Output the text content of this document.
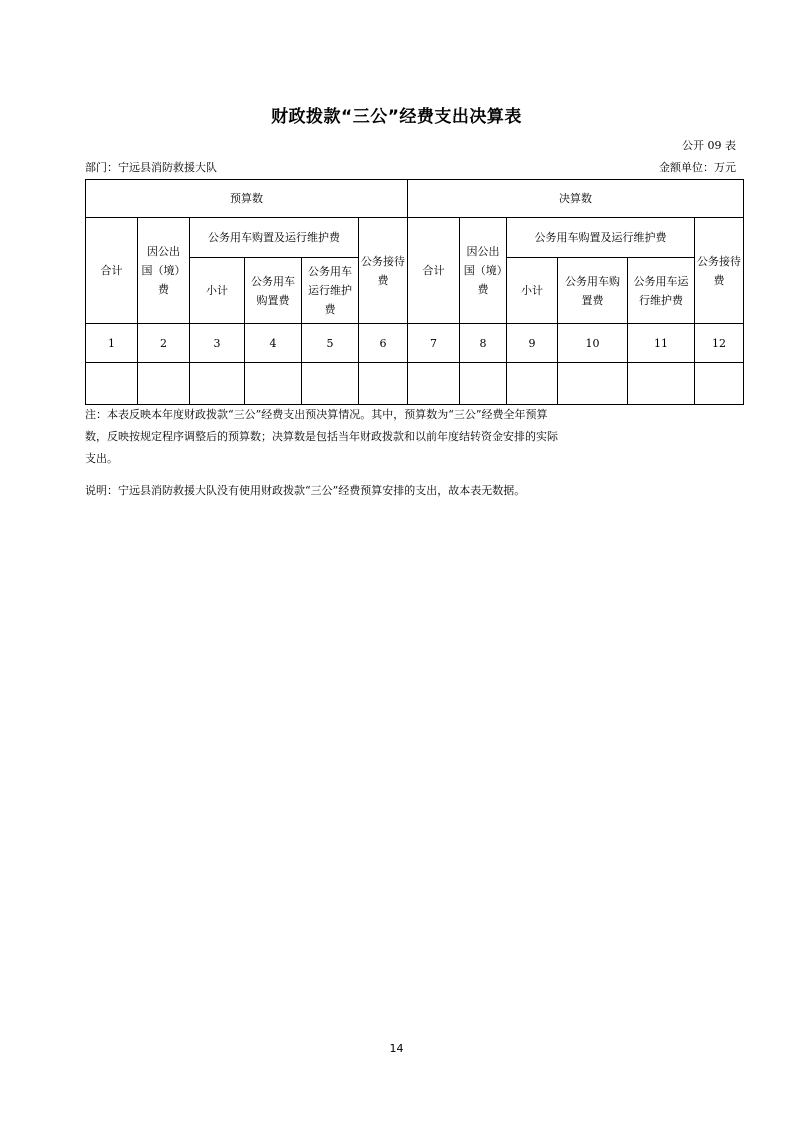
财政拨款“三公”经费支出决算表
公开 09 表
部门：宁远县消防救援大队	金额单位：万元
预算数						决算数					
合计	因公出 国（境）费	公务用车购置及运行维护费			公务接待费	合计	因公出国（境）费	公务用车购置及运行维护费			公务接待费
		小计	公务用车购置费	公务用车运行维护费				小计	公务用车购置费	公务用车运行维护费	
1	2	3	4	5	6	7	8	9	10	11	12

注：本表反映本年度财政拨款“三公”经费支出预决算情况。其中，预算数为“三公”经费全年预算数，反映按规定程序调整后的预算数；决算数是包括当年财政拨款和以前年度结转资金安排的实际支出。
说明：宁远县消防救援大队没有使用财政拨款“三公”经费预算安排的支出，故本表无数据。
14
